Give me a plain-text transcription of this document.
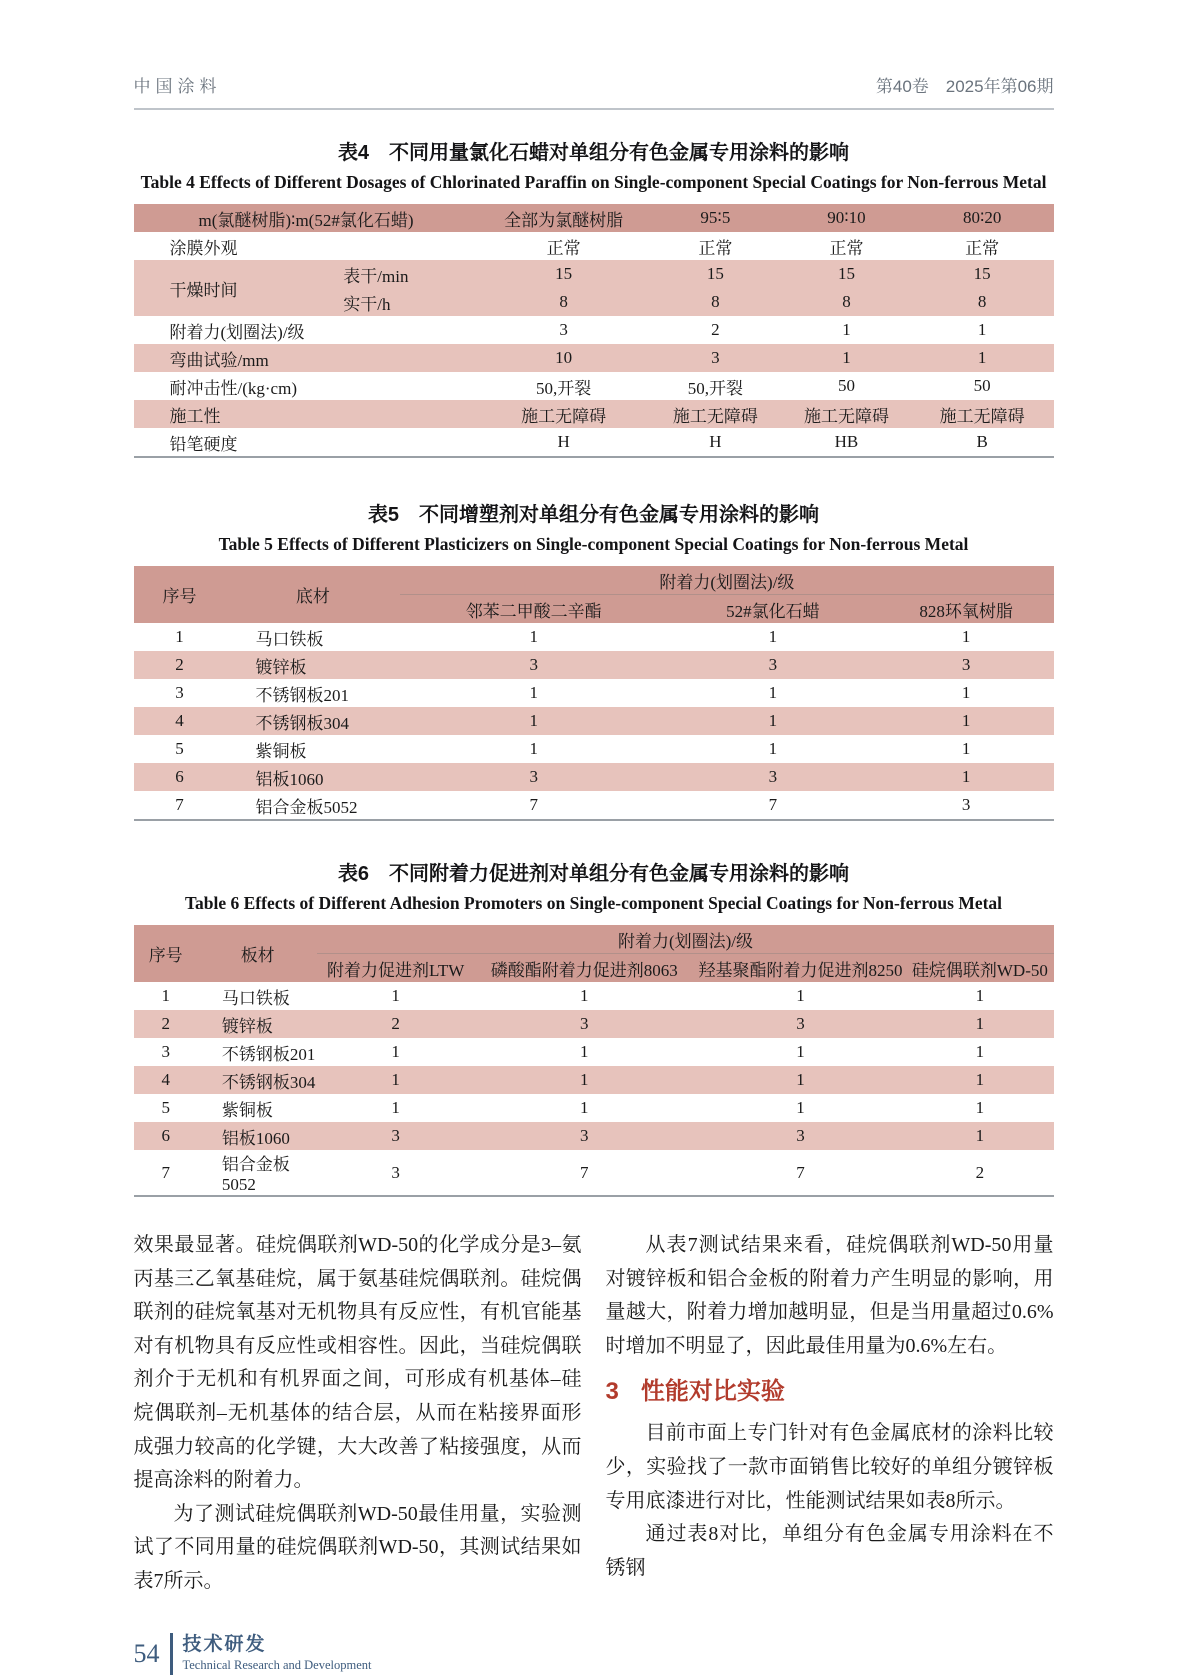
中国涂料	第40卷　2025年第06期
表4　不同用量氯化石蜡对单组分有色金属专用涂料的影响
Table 4 Effects of Different Dosages of Chlorinated Paraffin on Single-component Special Coatings for Non-ferrous Metal
m(氯醚树脂)∶m(52#氯化石蜡)		全部为氯醚树脂	95∶5	90∶10	80∶20
涂膜外观		正常	正常	正常	正常
干燥时间	表干/min	15	15	15	15
	实干/h	8	8	8	8
附着力(划圈法)/级		3	2	1	1
弯曲试验/mm		10	3	1	1
耐冲击性/(kg·cm)		50,开裂	50,开裂	50	50
施工性		施工无障碍	施工无障碍	施工无障碍	施工无障碍
铅笔硬度		H	H	HB	B
表5　不同增塑剂对单组分有色金属专用涂料的影响
Table 5 Effects of Different Plasticizers on Single-component Special Coatings for Non-ferrous Metal
序号	底材	附着力(划圈法)/级		
		邻苯二甲酸二辛酯	52#氯化石蜡	828环氧树脂
1	马口铁板	1	1	1
2	镀锌板	3	3	3
3	不锈钢板201	1	1	1
4	不锈钢板304	1	1	1
5	紫铜板	1	1	1
6	铝板1060	3	3	1
7	铝合金板5052	7	7	3
表6　不同附着力促进剂对单组分有色金属专用涂料的影响
Table 6 Effects of Different Adhesion Promoters on Single-component Special Coatings for Non-ferrous Metal
序号	板材	附着力(划圈法)/级			
		附着力促进剂LTW	磷酸酯附着力促进剂8063	羟基聚酯附着力促进剂8250	硅烷偶联剂WD-50
1	马口铁板	1	1	1	1
2	镀锌板	2	3	3	1
3	不锈钢板201	1	1	1	1
4	不锈钢板304	1	1	1	1
5	紫铜板	1	1	1	1
6	铝板1060	3	3	3	1
7	铝合金板5052	3	7	7	2

效果最显著。硅烷偶联剂WD-50的化学成分是3–氨丙基三乙氧基硅烷，属于氨基硅烷偶联剂。硅烷偶联剂的硅烷氧基对无机物具有反应性，有机官能基对有机物具有反应性或相容性。因此，当硅烷偶联剂介于无机和有机界面之间，可形成有机基体–硅烷偶联剂–无机基体的结合层，从而在粘接界面形成强力较高的化学键，大大改善了粘接强度，从而提高涂料的附着力。

为了测试硅烷偶联剂WD-50最佳用量，实验测试了不同用量的硅烷偶联剂WD-50，其测试结果如表7所示。

从表7测试结果来看，硅烷偶联剂WD-50用量对镀锌板和铝合金板的附着力产生明显的影响，用量越大，附着力增加越明显，但是当用量超过0.6%时增加不明显了，因此最佳用量为0.6%左右。

3 性能对比实验

目前市面上专门针对有色金属底材的涂料比较少，实验找了一款市面销售比较好的单组分镀锌板专用底漆进行对比，性能测试结果如表8所示。

通过表8对比，单组分有色金属专用涂料在不锈钢

54 技术研发
Technical Research and Development
